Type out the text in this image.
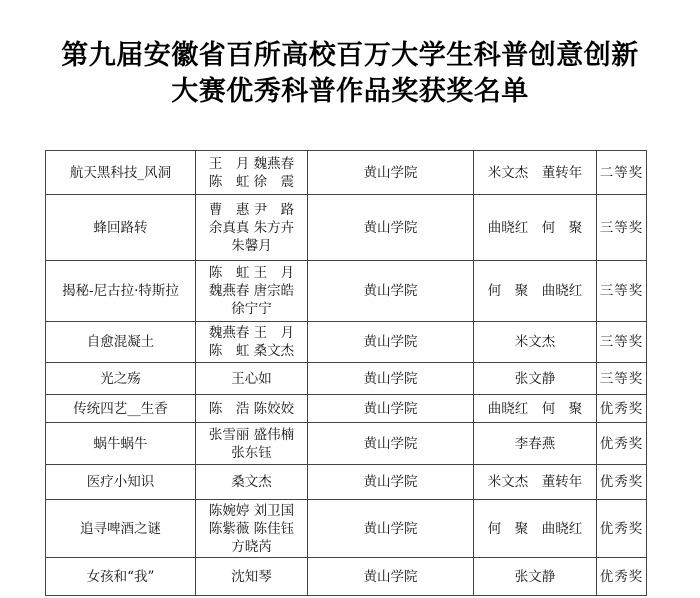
第九届安徽省百所高校百万大学生科普创意创新
大赛优秀科普作品奖获奖名单
航天黑科技_风洞	王　月 魏燕春
陈　虹 徐　震	黄山学院	米文杰　董转年	二等奖
蜂回路转	曹　惠 尹　路
余真真 朱方卉
朱馨月	黄山学院	曲晓红　何　聚	三等奖
揭秘-尼古拉·特斯拉	陈　虹 王　月
魏燕春 唐宗皓
徐宁宁	黄山学院	何　聚　曲晓红	三等奖
自愈混凝土	魏燕春 王　月
陈　虹 桑文杰	黄山学院	米文杰	三等奖
光之殇	王心如	黄山学院	张文静	三等奖
传统四艺__生香	陈　浩 陈姣姣	黄山学院	曲晓红　何　聚	优秀奖
蜗牛蜗牛	张雪丽 盛伟楠
张东钰	黄山学院	李春燕	优秀奖
医疗小知识	桑文杰	黄山学院	米文杰　董转年	优秀奖
追寻啤酒之谜	陈婉婷 刘卫国
陈紫薇 陈佳钰
方晓芮	黄山学院	何　聚　曲晓红	优秀奖
女孩和“我”	沈知琴	黄山学院	张文静	优秀奖
